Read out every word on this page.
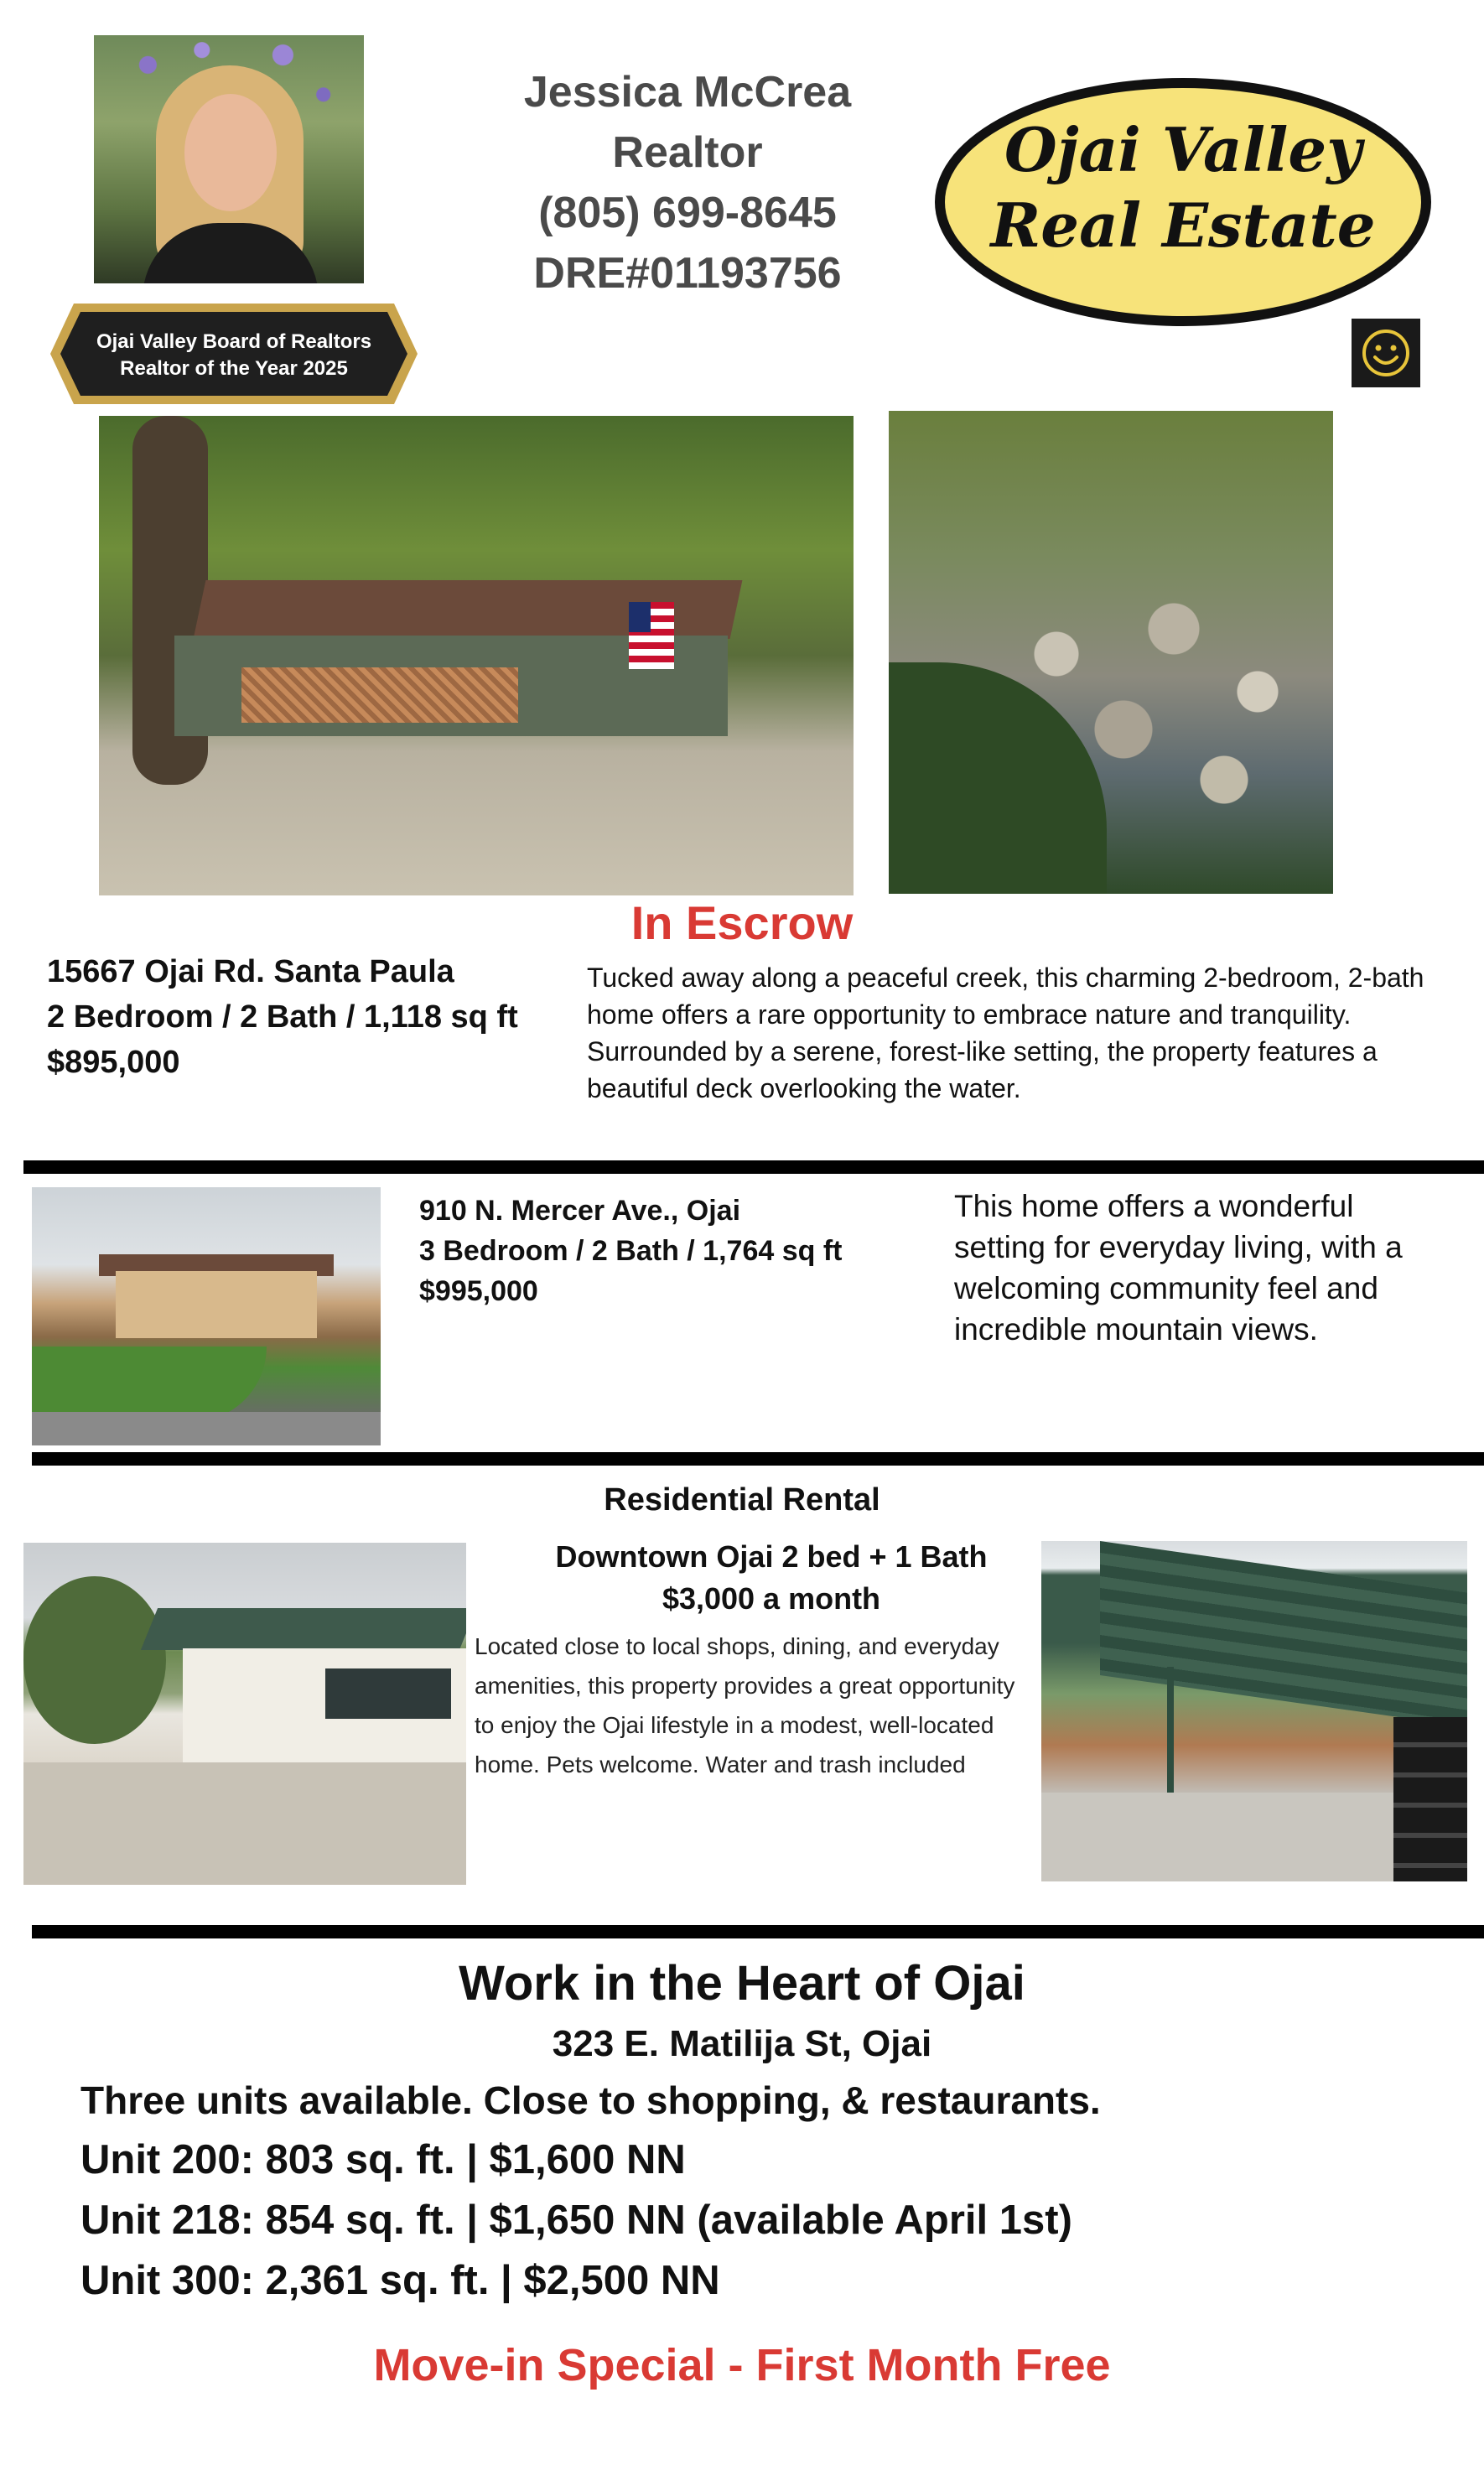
Ojai Valley Board of Realtors
Realtor of the Year 2025
Jessica McCrea
Realtor
(805) 699-8645
DRE#01193756
Ojai Valley
Real Estate
In Escrow
15667 Ojai Rd. Santa Paula
2 Bedroom / 2 Bath / 1,118 sq ft
$895,000
Tucked away along a peaceful creek, this charming 2-bedroom, 2-bath home offers a rare opportunity to embrace nature and tranquility. Surrounded by a serene, forest-like setting, the property features a beautiful deck overlooking the water.
910 N. Mercer Ave., Ojai
3 Bedroom / 2 Bath / 1,764 sq ft
$995,000
This home offers a wonderful setting for everyday living, with a welcoming community feel and incredible mountain views.
Residential Rental
Downtown Ojai 2 bed + 1 Bath
$3,000 a month
Located close to local shops, dining, and everyday amenities, this property provides a great opportunity to enjoy the Ojai lifestyle in a modest, well-located home. Pets welcome. Water and trash included
Work in the Heart of Ojai
323 E. Matilija St, Ojai
Three units available. Close to shopping, & restaurants.
Unit 200: 803 sq. ft. | $1,600 NN
Unit 218: 854 sq. ft. | $1,650 NN (available April 1st)
Unit 300: 2,361 sq. ft. | $2,500 NN
Move-in Special - First Month Free
